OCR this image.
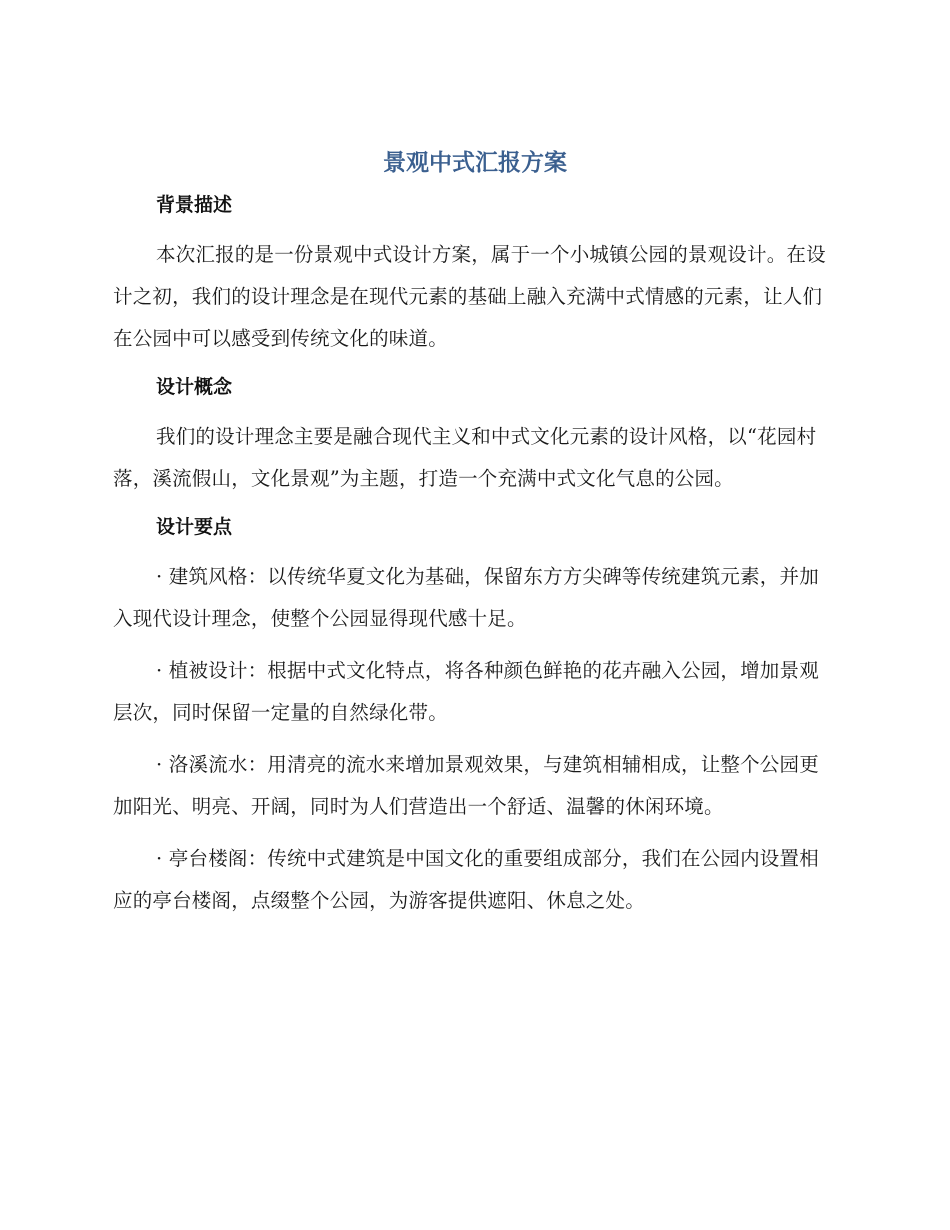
景观中式汇报方案
背景描述

本次汇报的是一份景观中式设计方案，属于一个小城镇公园的景观设计。在设计之初，我们的设计理念是在现代元素的基础上融入充满中式情感的元素，让人们在公园中可以感受到传统文化的味道。

设计概念

我们的设计理念主要是融合现代主义和中式文化元素的设计风格，以“花园村落，溪流假山，文化景观”为主题，打造一个充满中式文化气息的公园。

设计要点

· 建筑风格：以传统华夏文化为基础，保留东方方尖碑等传统建筑元素，并加入现代设计理念，使整个公园显得现代感十足。

· 植被设计：根据中式文化特点，将各种颜色鲜艳的花卉融入公园，增加景观层次，同时保留一定量的自然绿化带。

· 洛溪流水：用清亮的流水来增加景观效果，与建筑相辅相成，让整个公园更加阳光、明亮、开阔，同时为人们营造出一个舒适、温馨的休闲环境。

· 亭台楼阁：传统中式建筑是中国文化的重要组成部分，我们在公园内设置相应的亭台楼阁，点缀整个公园，为游客提供遮阳、休息之处。
